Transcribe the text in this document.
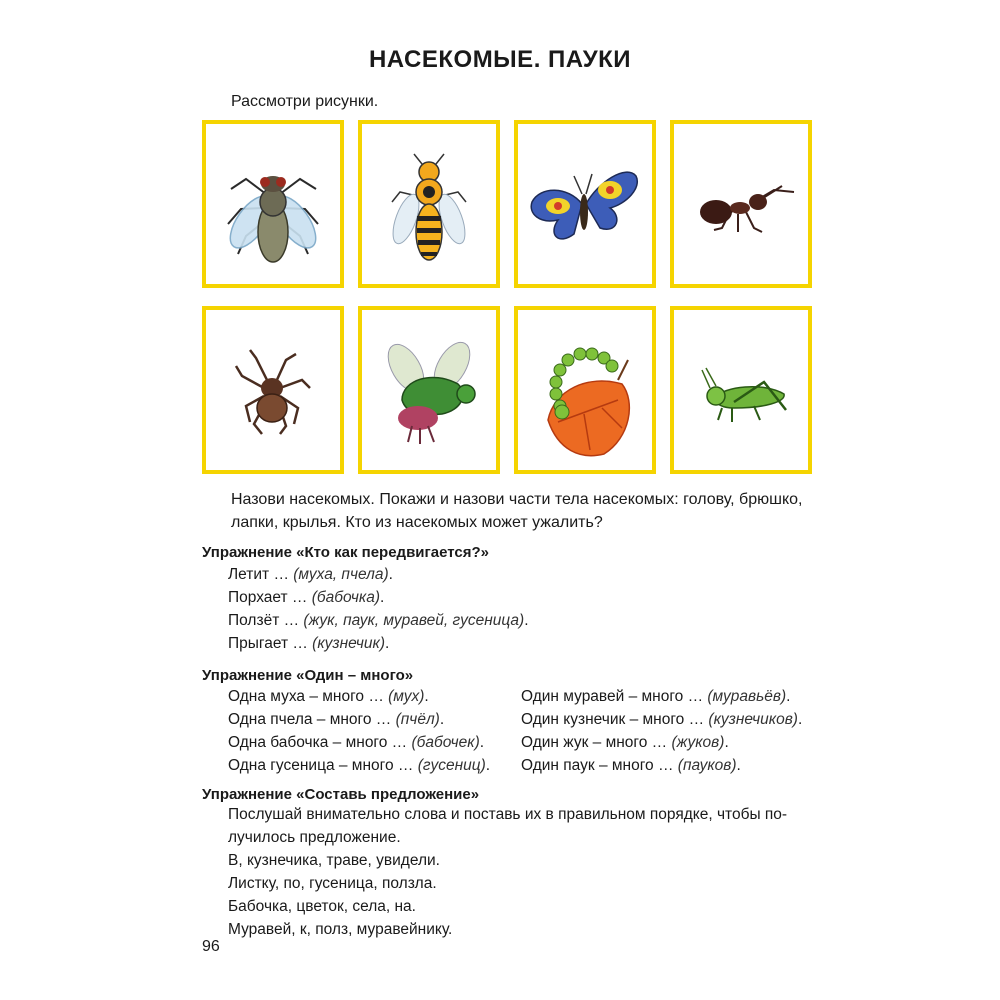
НАСЕКОМЫЕ. ПАУКИ
Рассмотри рисунки.
Назови насекомых. Покажи и назови части тела насекомых: голову, брюшко,
лапки, крылья. Кто из насекомых может ужалить?
Упражнение «Кто как передвигается?»
Летит … (муха, пчела).
Порхает … (бабочка).
Ползёт … (жук, паук, муравей, гусеница).
Прыгает … (кузнечик).
Упражнение «Один – много»
Одна муха – много … (мух).
Одна пчела – много … (пчёл).
Одна бабочка – много … (бабочек).
Одна гусеница – много … (гусениц).
Один муравей – много … (муравьёв).
Один кузнечик – много … (кузнечиков).
Один жук – много … (жуков).
Один паук – много … (пауков).
Упражнение «Составь предложение»
Послушай внимательно слова и поставь их в правильном порядке, чтобы по-
лучилось предложение.
В, кузнечика, траве, увидели.
Листку, по, гусеница, ползла.
Бабочка, цветок, села, на.
Муравей, к, полз, муравейнику.
96
